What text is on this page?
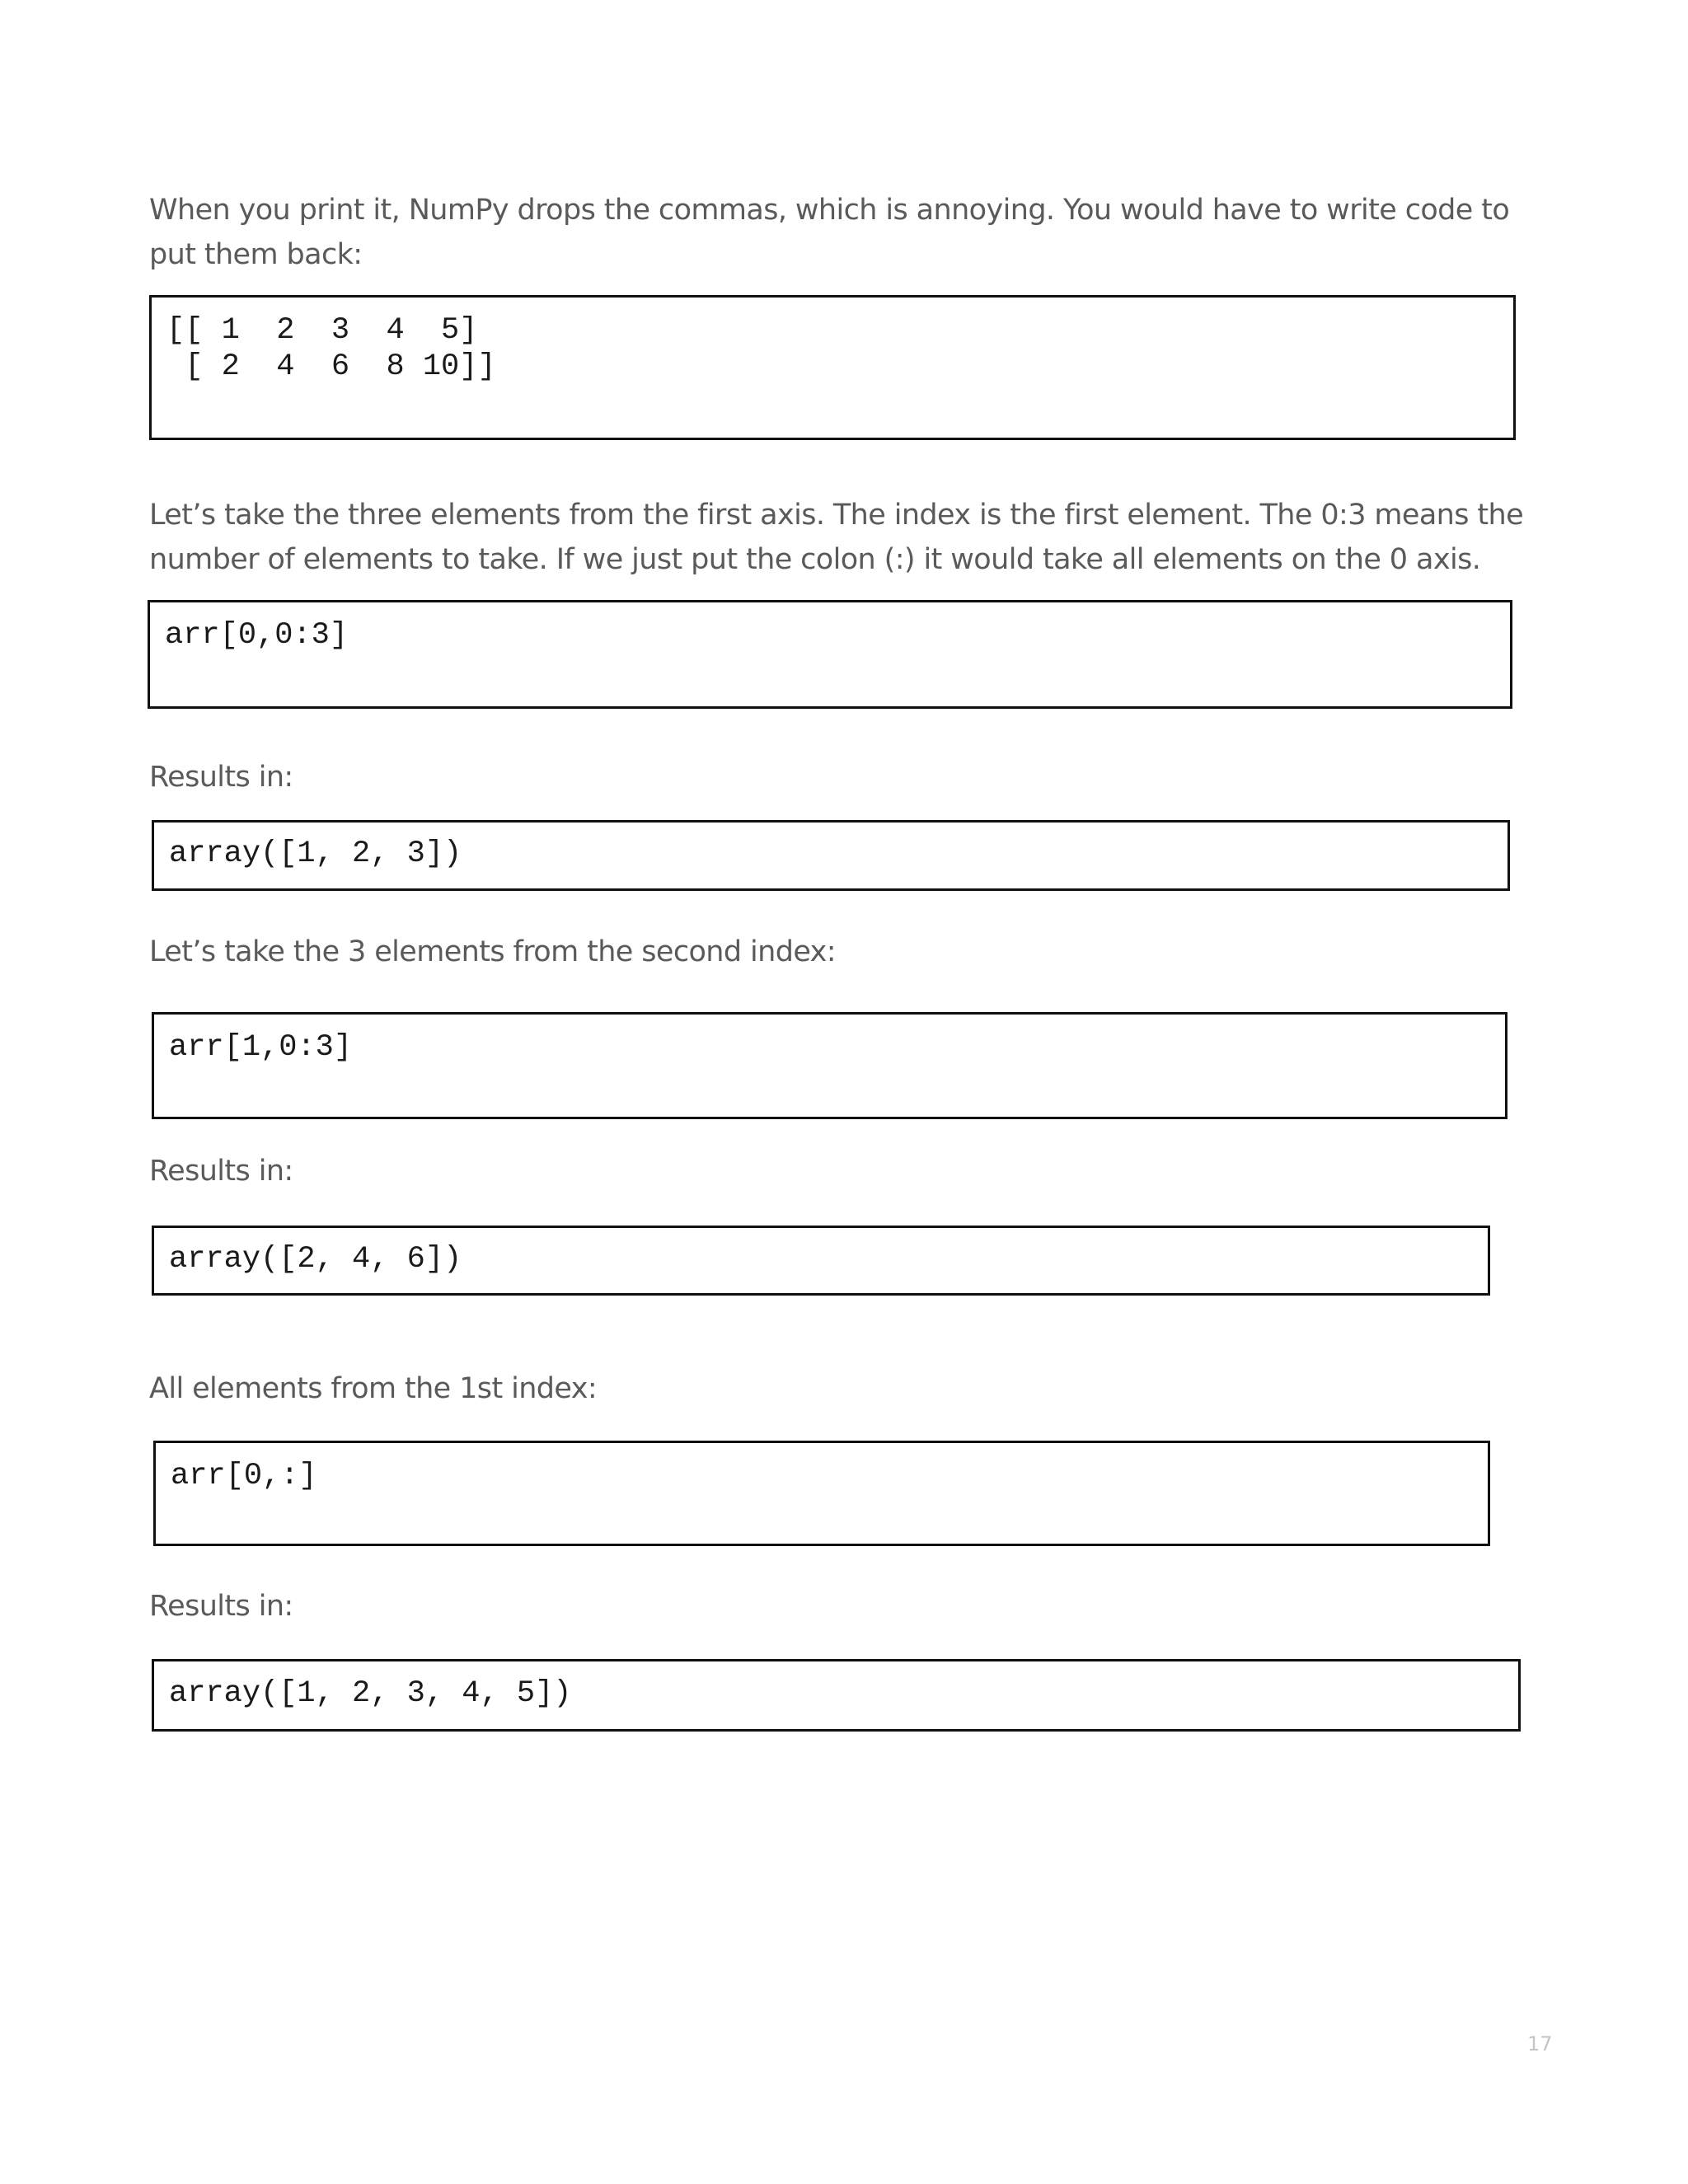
When you print it, NumPy drops the commas, which is annoying. You would have to write code to put them back:

[[ 1  2  3  4  5]
[ 2  4  6  8 10]]

Let’s take the three elements from the first axis. The index is the first element. The 0:3 means the number of elements to take. If we just put the colon (:) it would take all elements on the 0 axis.

arr[0,0:3]

Results in:

array([1, 2, 3])

Let’s take the 3 elements from the second index:

arr[1,0:3]

Results in:

array([2, 4, 6])

All elements from the 1st index:

arr[0,:]

Results in:

array([1, 2, 3, 4, 5])
17
